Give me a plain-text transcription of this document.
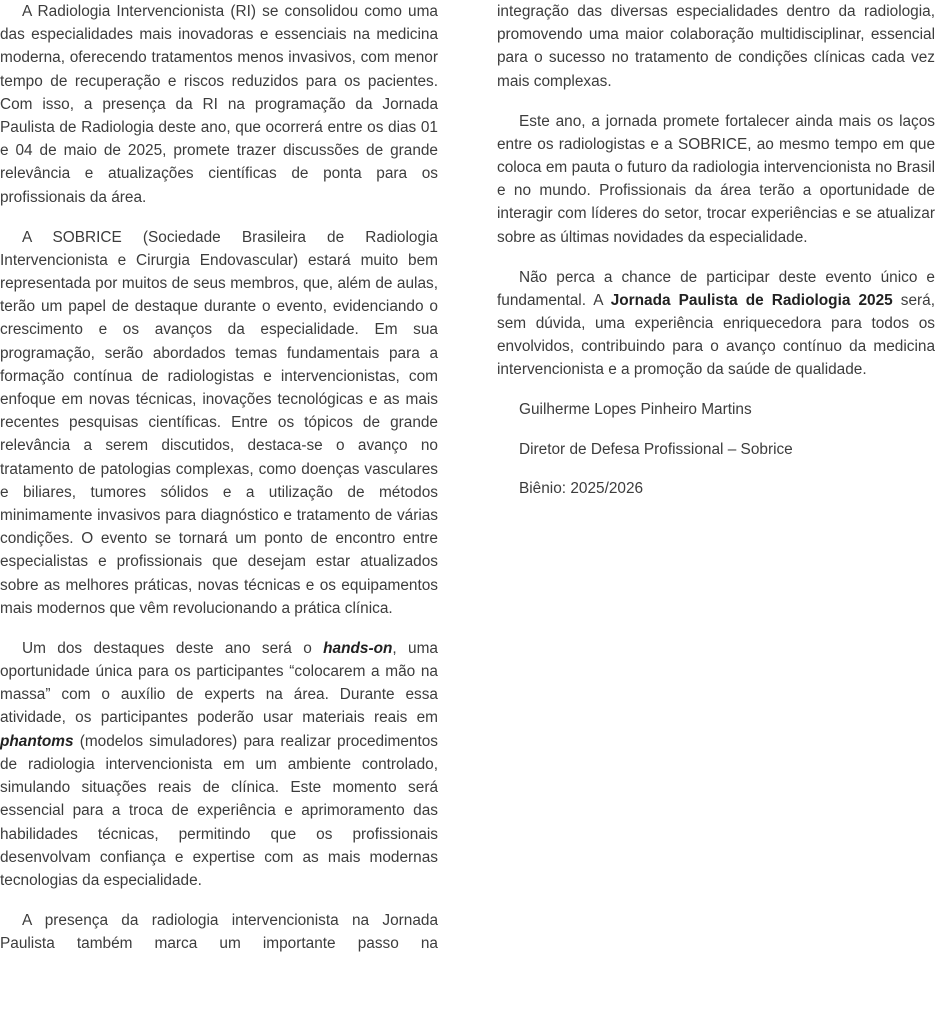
A Radiologia Intervencionista (RI) se consolidou como uma das especialidades mais inovadoras e essenciais na medicina moderna, oferecendo tratamentos menos invasivos, com menor tempo de recuperação e riscos reduzidos para os pacientes. Com isso, a presença da RI na programação da Jornada Paulista de Radiologia deste ano, que ocorrerá entre os dias 01 e 04 de maio de 2025, promete trazer discussões de grande relevância e atualizações científicas de ponta para os profissionais da área.

A SOBRICE (Sociedade Brasileira de Radiologia Intervencionista e Cirurgia Endovascular) estará muito bem representada por muitos de seus membros, que, além de aulas, terão um papel de destaque durante o evento, evidenciando o crescimento e os avanços da especialidade. Em sua programação, serão abordados temas fundamentais para a formação contínua de radiologistas e intervencionistas, com enfoque em novas técnicas, inovações tecnológicas e as mais recentes pesquisas científicas. Entre os tópicos de grande relevância a serem discutidos, destaca-se o avanço no tratamento de patologias complexas, como doenças vasculares e biliares, tumores sólidos e a utilização de métodos minimamente invasivos para diagnóstico e tratamento de várias condições. O evento se tornará um ponto de encontro entre especialistas e profissionais que desejam estar atualizados sobre as melhores práticas, novas técnicas e os equipamentos mais modernos que vêm revolucionando a prática clínica.

Um dos destaques deste ano será o hands-on, uma oportunidade única para os participantes “colocarem a mão na massa” com o auxílio de experts na área. Durante essa atividade, os participantes poderão usar materiais reais em phantoms (modelos simuladores) para realizar procedimentos de radiologia intervencionista em um ambiente controlado, simulando situações reais de clínica. Este momento será essencial para a troca de experiência e aprimoramento das habilidades técnicas, permitindo que os profissionais desenvolvam confiança e expertise com as mais modernas tecnologias da especialidade.

A presença da radiologia intervencionista na Jornada Paulista também marca um importante passo na

integração das diversas especialidades dentro da radiologia, promovendo uma maior colaboração multidisciplinar, essencial para o sucesso no tratamento de condições clínicas cada vez mais complexas.

Este ano, a jornada promete fortalecer ainda mais os laços entre os radiologistas e a SOBRICE, ao mesmo tempo em que coloca em pauta o futuro da radiologia intervencionista no Brasil e no mundo. Profissionais da área terão a oportunidade de interagir com líderes do setor, trocar experiências e se atualizar sobre as últimas novidades da especialidade.

Não perca a chance de participar deste evento único e fundamental. A Jornada Paulista de Radiologia 2025 será, sem dúvida, uma experiência enriquecedora para todos os envolvidos, contribuindo para o avanço contínuo da medicina intervencionista e a promoção da saúde de qualidade.

Guilherme Lopes Pinheiro Martins

Diretor de Defesa Profissional – Sobrice

Biênio: 2025/2026
